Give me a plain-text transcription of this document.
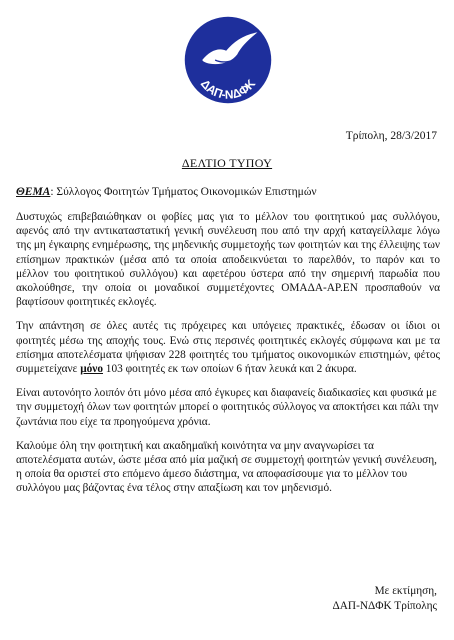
ΔΑΠ-ΝΔΦΚ
Τρίπολη, 28/3/2017
ΔΕΛΤΙΟ ΤΥΠΟΥ
ΘΕΜΑ: Σύλλογος Φοιτητών Τμήματος Οικονομικών Επιστημών

Δυστυχώς επιβεβαιώθηκαν οι φοβίες μας για το μέλλον του φοιτητικού μας συλλόγου, αφενός από την αντικαταστατική γενική συνέλευση που από την αρχή καταγείλλαμε λόγω της μη έγκαιρης ενημέρωσης, της μηδενικής συμμετοχής των φοιτητών και της έλλειψης των επίσημων πρακτικών (μέσα από τα οποία αποδεικνύεται το παρελθόν, το παρόν και το μέλλον του φοιτητικού συλλόγου) και αφετέρου ύστερα από την σημερινή παρωδία που ακολούθησε, την οποία οι μοναδικοί συμμετέχοντες ΟΜΑΔΑ-ΑΡ.ΕΝ προσπαθούν να βαφτίσουν φοιτητικές εκλογές.

Την απάντηση σε όλες αυτές τις πρόχειρες και υπόγειες πρακτικές, έδωσαν οι ίδιοι οι φοιτητές μέσω της αποχής τους. Ενώ στις περσινές φοιτητικές εκλογές σύμφωνα και με τα επίσημα αποτελέσματα ψήφισαν 228 φοιτητές του τμήματος οικονομικών επιστημών, φέτος συμμετείχανε μόνο 103 φοιτητές εκ των οποίων 6 ήταν λευκά και 2 άκυρα.

Είναι αυτονόητο λοιπόν ότι μόνο μέσα από έγκυρες και διαφανείς διαδικασίες και φυσικά με την συμμετοχή όλων των φοιτητών μπορεί ο φοιτητικός σύλλογος να αποκτήσει και πάλι την ζωντάνια που είχε τα προηγούμενα χρόνια.

Καλούμε όλη την φοιτητική και ακαδημαϊκή κοινότητα να μην αναγνωρίσει τα αποτελέσματα αυτών, ώστε μέσα από μία μαζική σε συμμετοχή φοιτητών γενική συνέλευση, η οποία θα οριστεί στο επόμενο άμεσο διάστημα, να αποφασίσουμε για το μέλλον του συλλόγου μας βάζοντας ένα τέλος στην απαξίωση και τον μηδενισμό.

Με εκτίμηση,
ΔΑΠ-ΝΔΦΚ Τρίπολης
